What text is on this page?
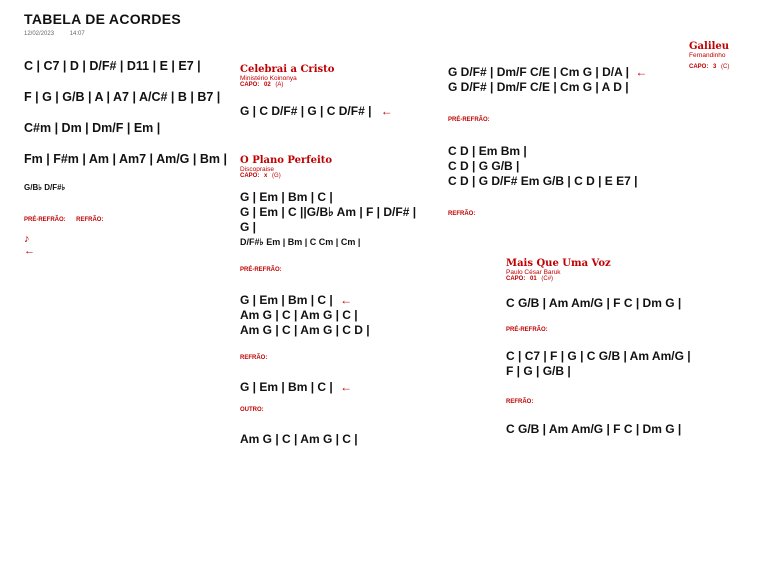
TABELA DE ACORDES
12/02/2023	14:07
C | C7 | D | D/F# | D11 | E | E7 |
F | G | G/B | A | A7 | A/C# | B | B7 |
C#m | Dm | Dm/F | Em |
Fm | F#m | Am | Am7 | Am/G | Bm |
G/B♭ D/F#♭
PRÉ-REFRÃO: REFRÃO:
♪ ←
Celebrai a Cristo
Ministério Koinonya
CAPO: 02 (A)
G | C D/F# | G | C D/F# | ←
O Plano Perfeito
Discopraise
CAPO: x (G)
G | Em | Bm | C |
G | Em | C ||G/B♭ Am | F | D/F# |
G |
D/F#♭ Em | Bm | C Cm | Cm |
PRÉ-REFRÃO:
G | Em | Bm | C | ←
Am G | C | Am G | C |
Am G | C | Am G | C D |
REFRÃO:
G | Em | Bm | C | ←
OUTRO:
Am G | C | Am G | C |
G D/F# | Dm/F C/E | Cm G | D/A | ←
G D/F# | Dm/F C/E | Cm G | A D |
PRÉ-REFRÃO:
C D | Em Bm |
C D | G G/B |
C D | G D/F# Em G/B | C D | E E7 |
REFRÃO:
Galileu
Fernandinho
CAPO: 3 (C)
Mais Que Uma Voz
Paulo César Baruk
CAPO: 01 (C#)
C G/B | Am Am/G | F C | Dm G |
PRÉ-REFRÃO:
C | C7 | F | G | C G/B | Am Am/G |
F | G | G/B |
REFRÃO:
C G/B | Am Am/G | F C | Dm G |
